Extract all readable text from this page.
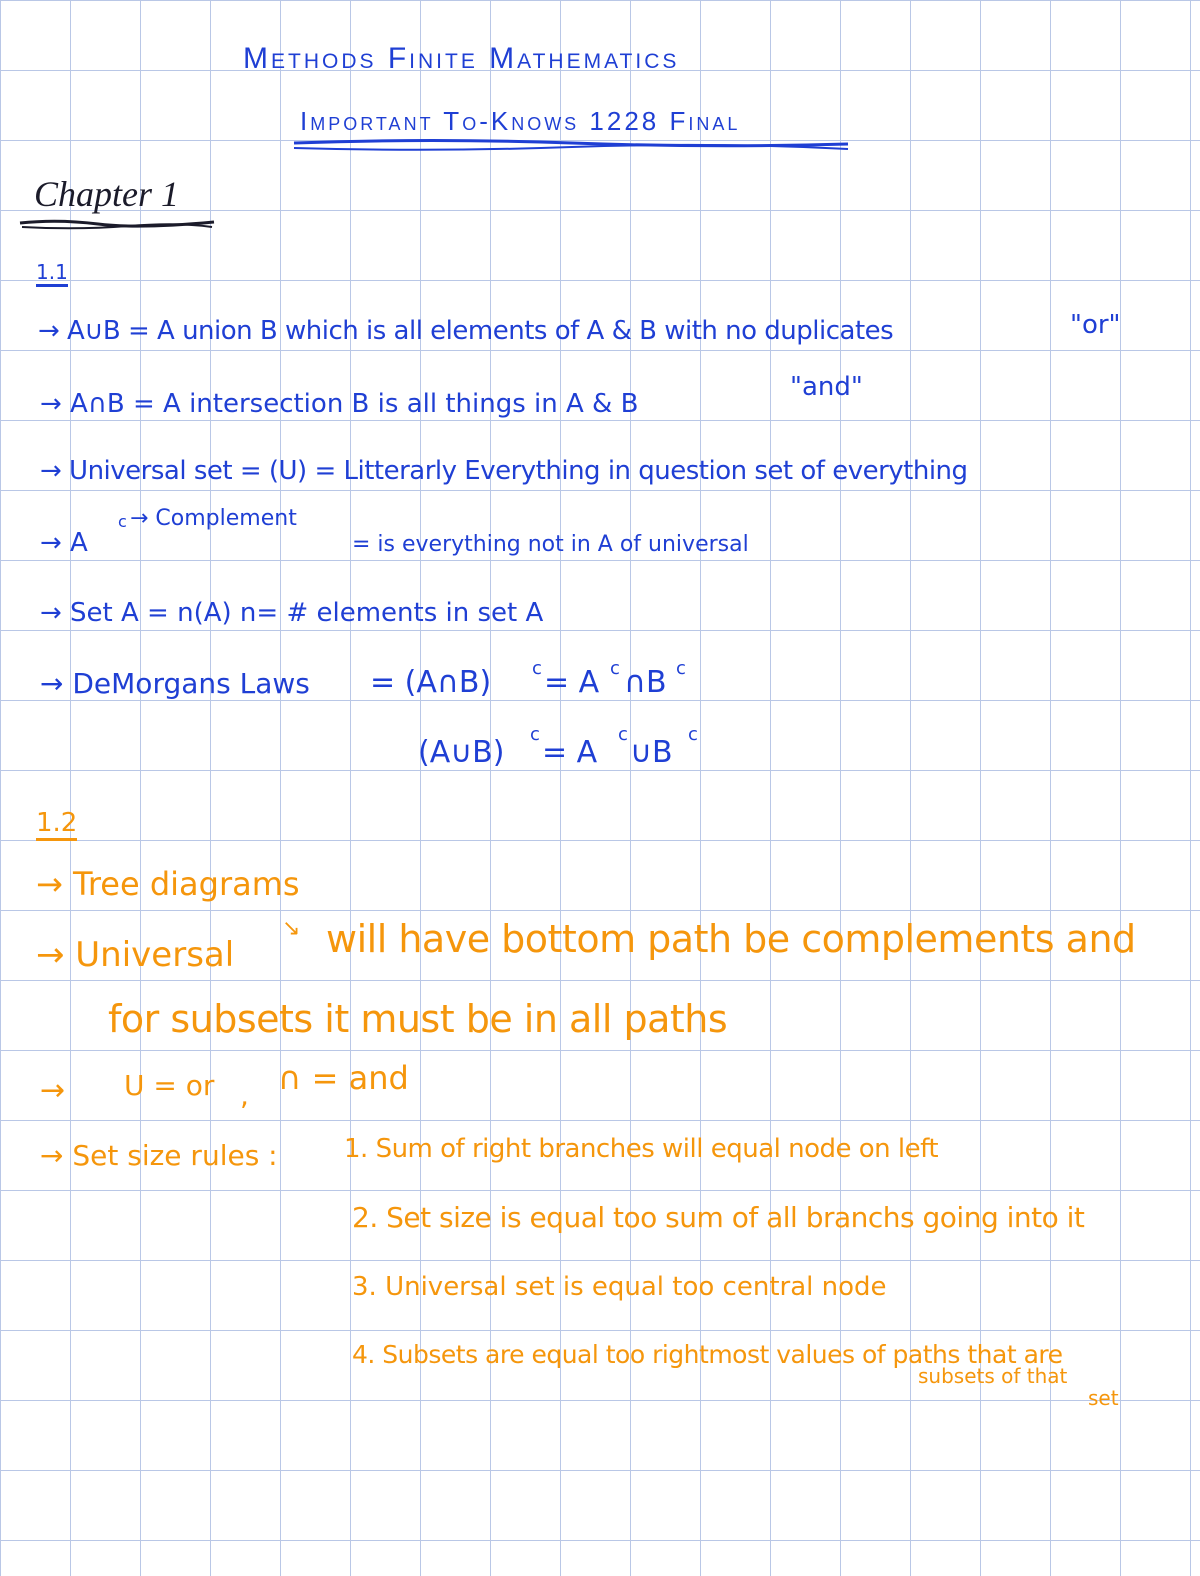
Methods Finite Mathematics
Important To-Knows 1228 Final
Chapter 1
1.1
→ A∪B = A union B which is all elements of A & B with no duplicates	"or"
→ A∩B = A intersection B is all things in A & B
"and"
→ Universal set = (U) = Litterarly Everything in question set of everything
→ A
c → Complement
= is everything not in A of universal
→ Set A = n(A) n= # elements in set A
→ DeMorgans Laws = (A∩B) c = A c ∩B c
(A∪B)
c
= A
c
∪B
c
1.2
→ Tree diagrams
→ Universal
↘ will have bottom path be complements and
for subsets it must be in all paths
→ U = or , ∩ = and
→ Set size rules :	1. Sum of right branches will equal node on left
2. Set size is equal too sum of all branchs going into it
3. Universal set is equal too central node
4. Subsets are equal too rightmost values of paths that are
subsets of that
set
